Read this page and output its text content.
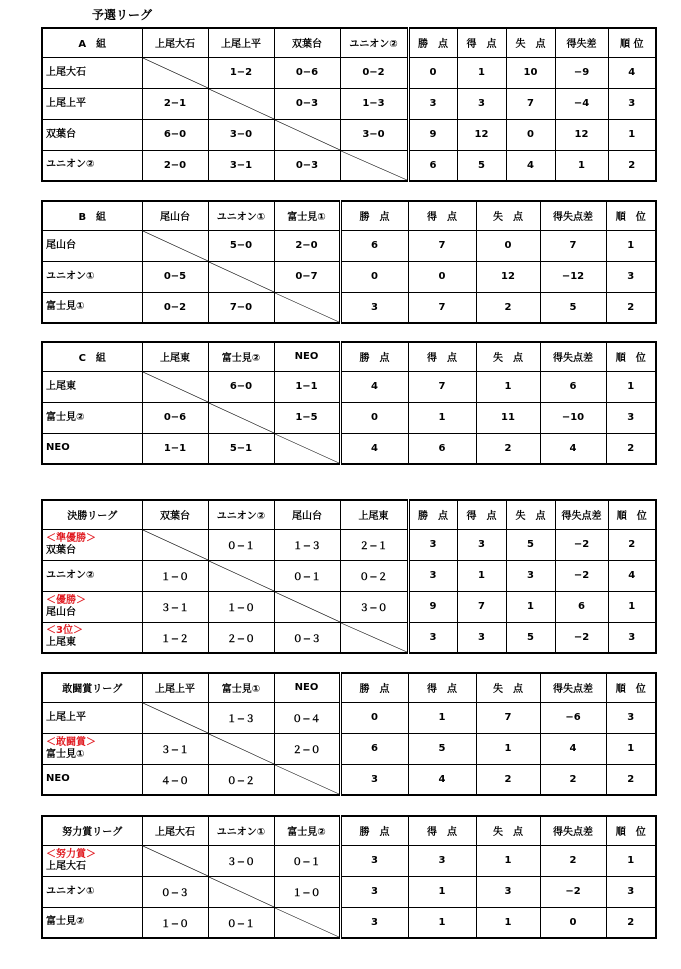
予選リーグ
A　組	上尾大石	上尾上平	双葉台	ユニオン②	勝　点	得　点	失　点	得失差	順 位
上尾大石		1−2	0−6	0−2	0	1	10	−9	4
上尾上平	2−1		0−3	1−3	3	3	7	−4	3
双葉台	6−0	3−0		3−0	9	12	0	12	1
ユニオン②	2−0	3−1	0−3		6	5	4	1	2
B　組	尾山台	ユニオン①	富士見①	勝　点	得　点	失　点	得失点差	順　位
尾山台		5−0	2−0	6	7	0	7	1
ユニオン①	0−5		0−7	0	0	12	−12	3
富士見①	0−2	7−0		3	7	2	5	2
C　組	上尾東	富士見②	NEO	勝　点	得　点	失　点	得失点差	順　位
上尾東		6−0	1−1	4	7	1	6	1
富士見②	0−6		1−5	0	1	11	−10	3
NEO	1−1	5−1		4	6	2	4	2
決勝リーグ	双葉台	ユニオン②	尾山台	上尾東	勝　点	得　点	失　点	得失点差	順　位

＜準優勝＞
双葉台		０−１	１−３	２−１	3	3	5	−2	2
ユニオン②	１−０		０−１	０−２	3	1	3	−2	4

＜優勝＞
尾山台	３−１	１−０		３−０	9	7	1	6	1

＜3位＞
上尾東	１−２	２−０	０−３		3	3	5	−2	3
敢闘賞リーグ	上尾上平	富士見①	NEO	勝　点	得　点	失　点	得失点差	順　位
上尾上平		１−３	０−４	0	1	7	−6	3

＜敢闘賞＞
富士見①	３−１		２−０	6	5	1	4	1
NEO	４−０	０−２		3	4	2	2	2
努力賞リーグ	上尾大石	ユニオン①	富士見②	勝　点	得　点	失　点	得失点差	順　位

＜努力賞＞
上尾大石		３−０	０−１	3	3	1	2	1
ユニオン①	０−３		１−０	3	1	3	−2	3
富士見②	１−０	０−１		3	1	1	0	2
